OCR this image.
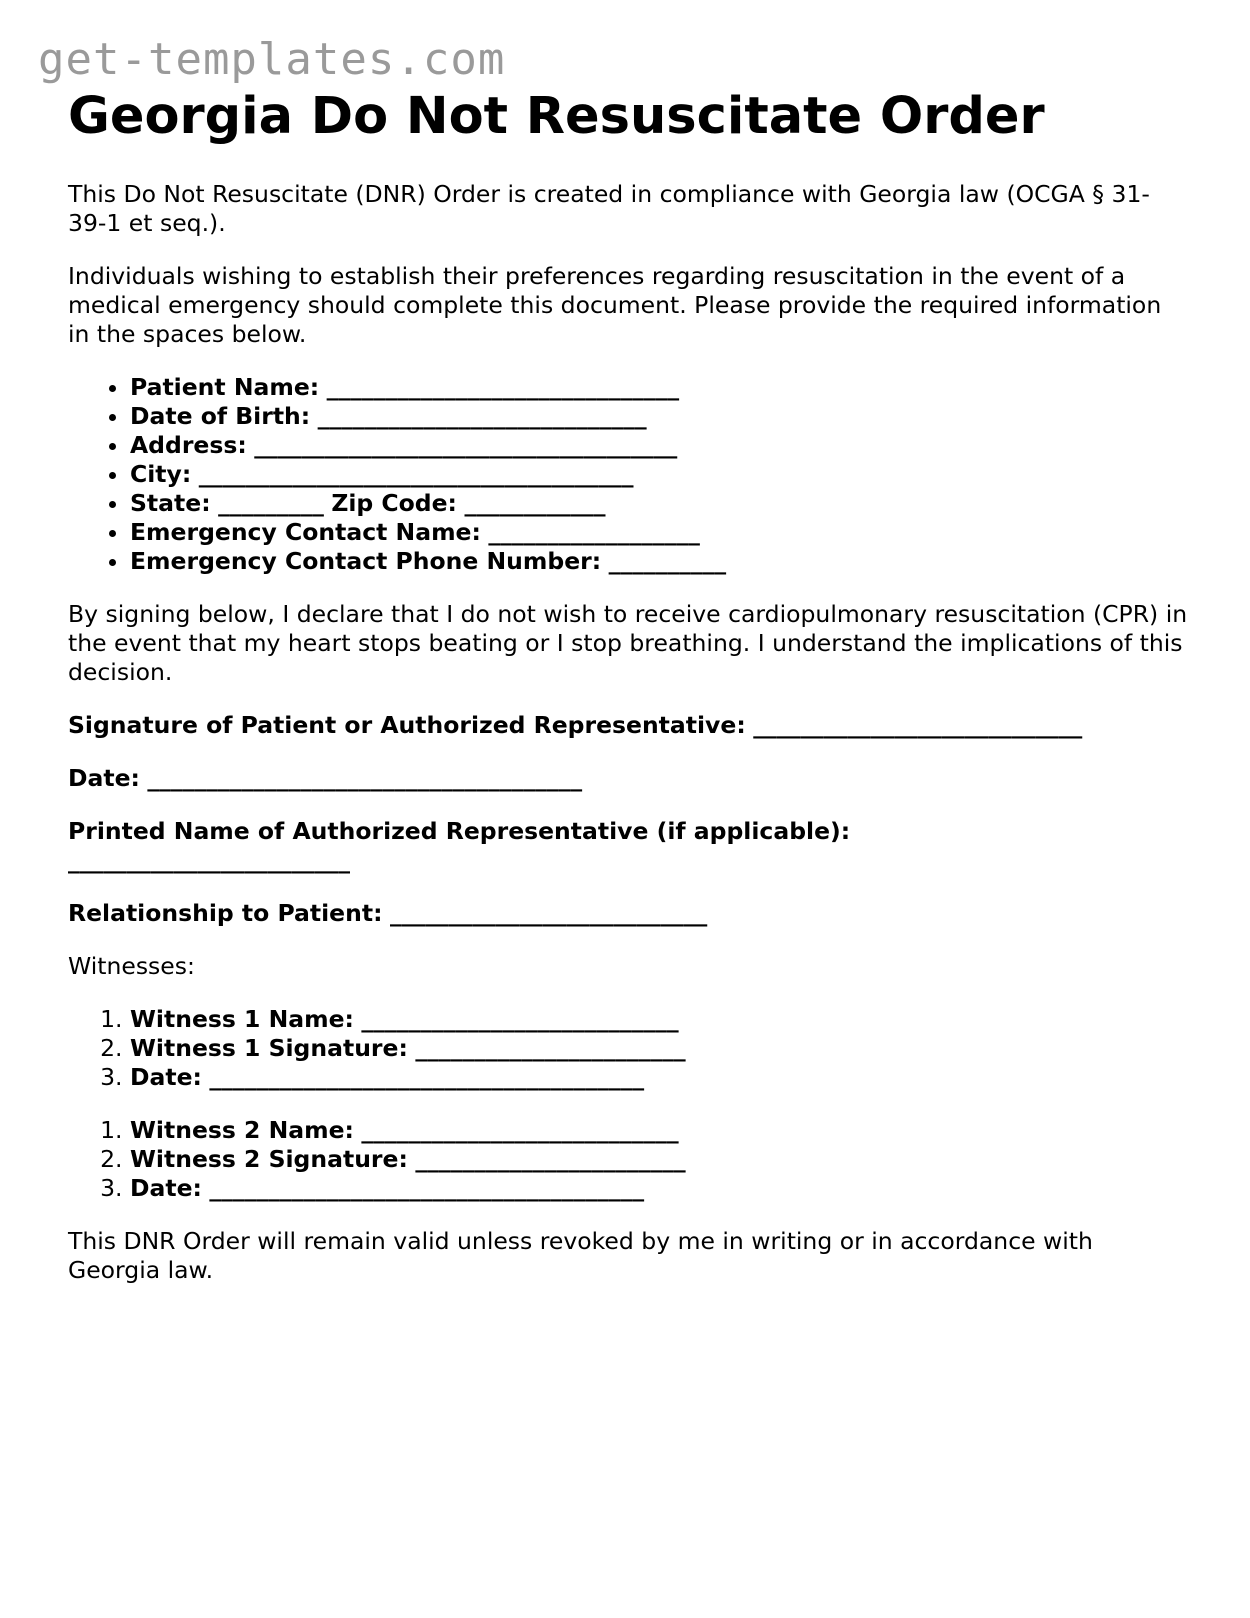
get-templates.com
Georgia Do Not Resuscitate Order

This Do Not Resuscitate (DNR) Order is created in compliance with Georgia law (OCGA § 31-39-1 et seq.).

Individuals wishing to establish their preferences regarding resuscitation in the event of a medical emergency should complete this document. Please provide the required information in the spaces below.

• Patient Name: ______________________________
• Date of Birth: ____________________________
• Address: ____________________________________
• City: _____________________________________
• State: _________ Zip Code: ____________
• Emergency Contact Name: __________________
• Emergency Contact Phone Number: __________

By signing below, I declare that I do not wish to receive cardiopulmonary resuscitation (CPR) in the event that my heart stops beating or I stop breathing. I understand the implications of this decision.

Signature of Patient or Authorized Representative: ____________________________

Date: _____________________________________

Printed Name of Authorized Representative (if applicable):
________________________

Relationship to Patient: ___________________________

Witnesses:

1. Witness 1 Name: ___________________________
2. Witness 1 Signature: _______________________
3. Date: _____________________________________
1. Witness 2 Name: ___________________________
2. Witness 2 Signature: _______________________
3. Date: _____________________________________

This DNR Order will remain valid unless revoked by me in writing or in accordance with Georgia law.
